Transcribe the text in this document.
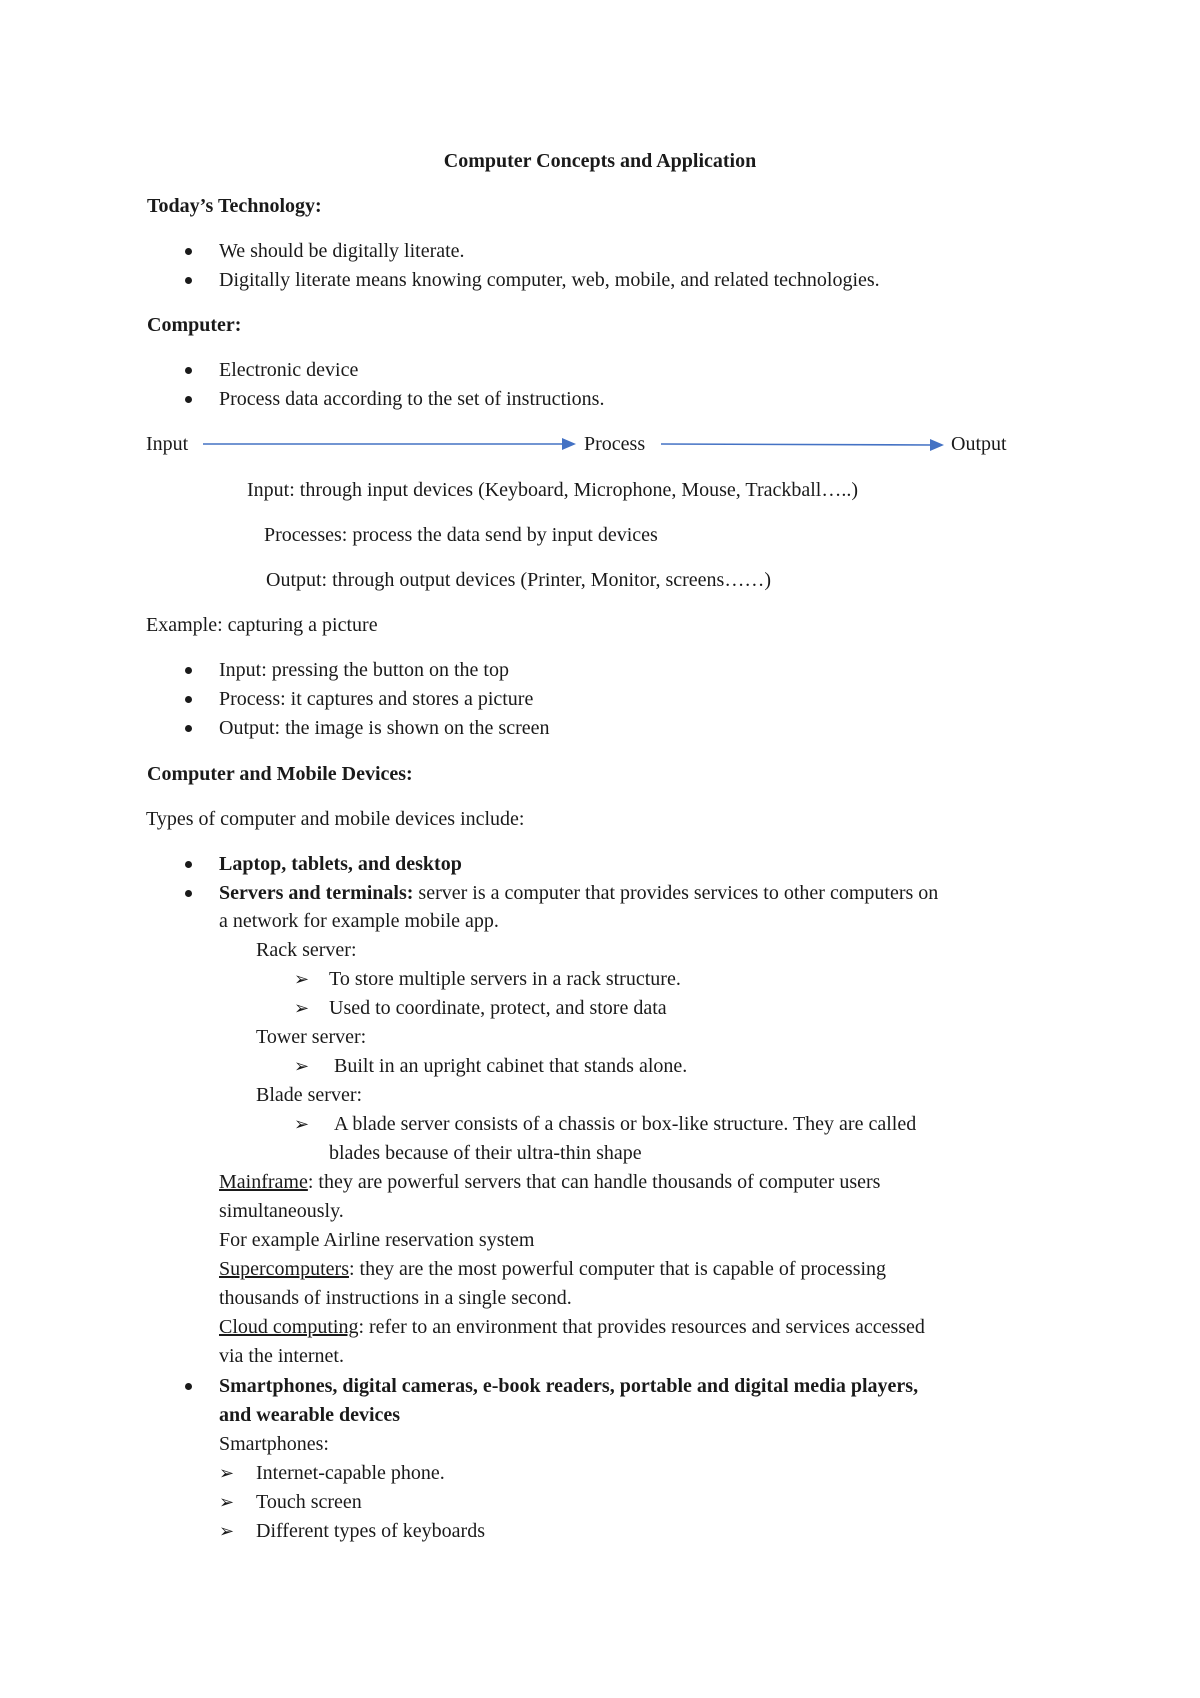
Computer Concepts and Application
Today’s Technology:
We should be digitally literate.
Digitally literate means knowing computer, web, mobile, and related technologies.
Computer:
Electronic device
Process data according to the set of instructions.
Input	Process	Output
Input: through input devices (Keyboard, Microphone, Mouse, Trackball…..)
Processes: process the data send by input devices
Output: through output devices (Printer, Monitor, screens……)
Example: capturing a picture
Input: pressing the button on the top
Process: it captures and stores a picture
Output: the image is shown on the screen
Computer and Mobile Devices:
Types of computer and mobile devices include:
Laptop, tablets, and desktop
Servers and terminals: server is a computer that provides services to other computers on
a network for example mobile app.
Rack server:
➢ To store multiple servers in a rack structure.
➢ Used to coordinate, protect, and store data
Tower server:
➢ Built in an upright cabinet that stands alone.
Blade server:
➢ A blade server consists of a chassis or box-like structure. They are called
blades because of their ultra-thin shape
Mainframe: they are powerful servers that can handle thousands of computer users
simultaneously.
For example Airline reservation system
Supercomputers: they are the most powerful computer that is capable of processing
thousands of instructions in a single second.
Cloud computing: refer to an environment that provides resources and services accessed
via the internet.
Smartphones, digital cameras, e-book readers, portable and digital media players,
and wearable devices
Smartphones:
➢ Internet-capable phone.
➢ Touch screen
➢ Different types of keyboards
